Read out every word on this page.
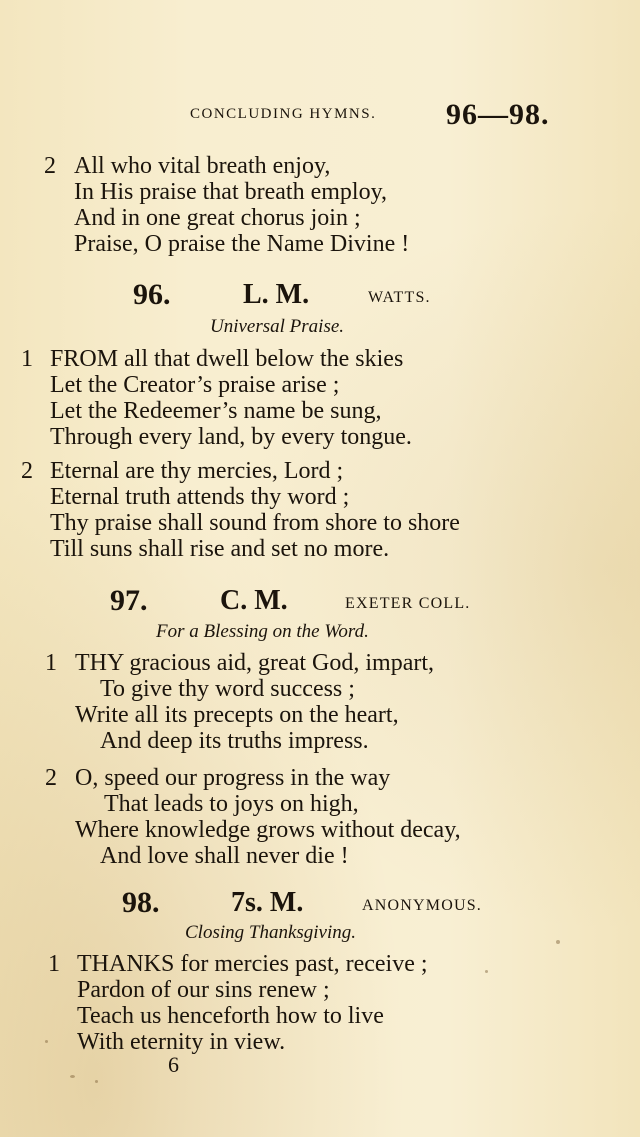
CONCLUDING HYMNS. 96—98.
2 All who vital breath enjoy,
In His praise that breath employ,
And in one great chorus join ;
Praise, O praise the Name Divine !
96.	L. M.	WATTS.
Universal Praise.
1 FROM all that dwell below the skies
Let the Creator’s praise arise ;
Let the Redeemer’s name be sung,
Through every land, by every tongue.
2 Eternal are thy mercies, Lord ;
Eternal truth attends thy word ;
Thy praise shall sound from shore to shore
Till suns shall rise and set no more.
97.	C. M.	EXETER COLL.
For a Blessing on the Word.
1 THY gracious aid, great God, impart,
To give thy word success ;
Write all its precepts on the heart,
And deep its truths impress.
2 O, speed our progress in the way
That leads to joys on high,
Where knowledge grows without decay,
And love shall never die !
98.	7s. M.	ANONYMOUS.
Closing Thanksgiving.
1 THANKS for mercies past, receive ;
Pardon of our sins renew ;
Teach us henceforth how to live
With eternity in view.
6
